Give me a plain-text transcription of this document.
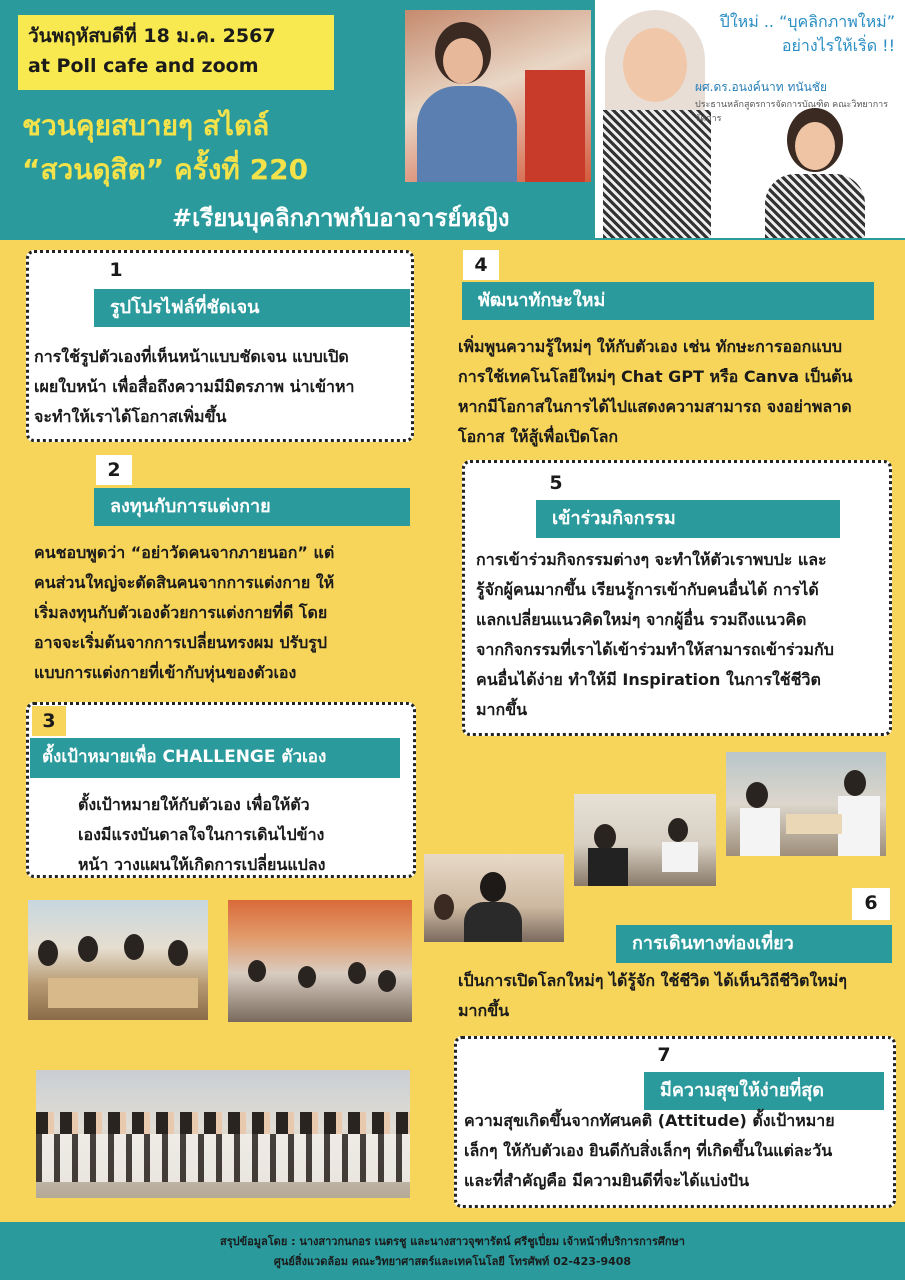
วันพฤหัสบดีที่ 18 ม.ค. 2567
at Poll cafe and zoom
ชวนคุยสบายๆ สไตล์
“สวนดุสิต” ครั้งที่ 220
#เรียนบุคลิกภาพกับอาจารย์หญิง
ปีใหม่ .. “บุคลิกภาพใหม่”
อย่างไรให้เริ่ด !!
ผศ.ดร.อนงค์นาท ทนันชัย
ประธานหลักสูตรการจัดการบัณฑิต คณะวิทยาการจัดการ
1
รูปโปรไฟล์ที่ชัดเจน
การใช้รูปตัวเองที่เห็นหน้าแบบชัดเจน แบบเปิด
เผยใบหน้า เพื่อสื่อถึงความมีมิตรภาพ น่าเข้าหา
จะทำให้เราได้โอกาสเพิ่มขึ้น
2
ลงทุนกับการแต่งกาย
คนชอบพูดว่า “อย่าวัดคนจากภายนอก” แต่
คนส่วนใหญ่จะตัดสินคนจากการแต่งกาย ให้
เริ่มลงทุนกับตัวเองด้วยการแต่งกายที่ดี โดย
อาจจะเริ่มต้นจากการเปลี่ยนทรงผม ปรับรูป
แบบการแต่งกายที่เข้ากับหุ่นของตัวเอง
3
ตั้งเป้าหมายเพื่อ CHALLENGE ตัวเอง
ตั้งเป้าหมายให้กับตัวเอง เพื่อให้ตัว
เองมีแรงบันดาลใจในการเดินไปข้าง
หน้า วางแผนให้เกิดการเปลี่ยนแปลง
4
พัฒนาทักษะใหม่
เพิ่มพูนความรู้ใหม่ๆ ให้กับตัวเอง เช่น ทักษะการออกแบบ
การใช้เทคโนโลยีใหม่ๆ Chat GPT หรือ Canva เป็นต้น
หากมีโอกาสในการได้ไปแสดงความสามารถ จงอย่าพลาด
โอกาส ให้สู้เพื่อเปิดโลก
5
เข้าร่วมกิจกรรม
การเข้าร่วมกิจกรรมต่างๆ จะทำให้ตัวเราพบปะ และ
รู้จักผู้คนมากขึ้น เรียนรู้การเข้ากับคนอื่นได้ การได้
แลกเปลี่ยนแนวคิดใหม่ๆ จากผู้อื่น รวมถึงแนวคิด
จากกิจกรรมที่เราได้เข้าร่วมทำให้สามารถเข้าร่วมกับ
คนอื่นได้ง่าย ทำให้มี Inspiration ในการใช้ชีวิต
มากขึ้น
6
การเดินทางท่องเที่ยว
เป็นการเปิดโลกใหม่ๆ ได้รู้จัก ใช้ชีวิต ได้เห็นวิถีชีวิตใหม่ๆ
มากขึ้น
7
มีความสุขให้ง่ายที่สุด
ความสุขเกิดขึ้นจากทัศนคติ (Attitude) ตั้งเป้าหมาย
เล็กๆ ให้กับตัวเอง ยินดีกับสิ่งเล็กๆ ที่เกิดขึ้นในแต่ละวัน
และที่สำคัญคือ มีความยินดีที่จะได้แบ่งปัน
สรุปข้อมูลโดย : นางสาวกนกอร เนตรชู และนางสาวจุฑารัตน์ ศรีชูเปี่ยม เจ้าหน้าที่บริการการศึกษา
ศูนย์สิ่งแวดล้อม คณะวิทยาศาสตร์และเทคโนโลยี โทรศัพท์ 02-423-9408
